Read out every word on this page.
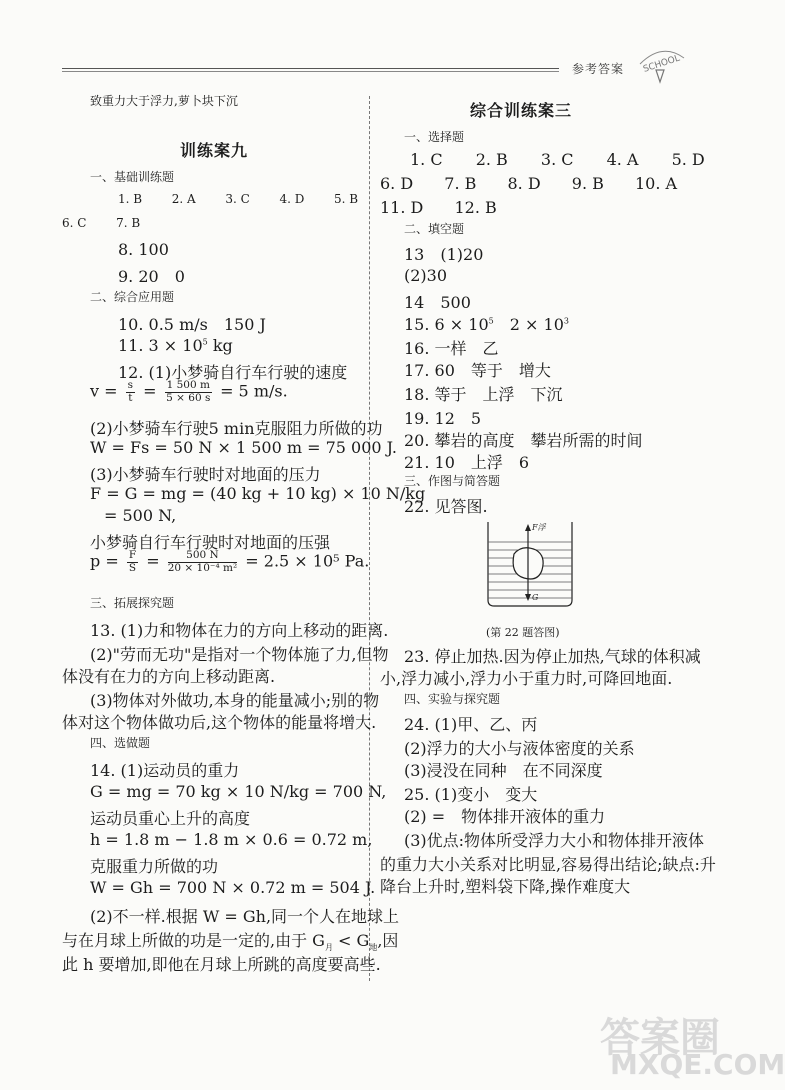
参考答案 SCHOOL
致重力大于浮力,萝卜块下沉
训练案九
一、基础训练题
1. B 2. A 3. C 4. D 5. B
6. C 7. B
8. 100
9. 20　0
二、综合应用题
10. 0.5 m/s　150 J
11. $3 \times 10^5$ kg
12. (1)小梦骑自行车行驶的速度
$v = \frac{s}{t} = \frac{1 500 m}{5 \times 60 s} = 5$ m/s.
(2)小梦骑车行驶5 min克服阻力所做的功
W = Fs = 50 N × 1 500 m = 75 000 J.
(3)小梦骑车行驶时对地面的压力
F = G = mg = (40 kg + 10 kg) × 10 N/kg
= 500 N,
小梦骑自行车行驶时对地面的压强
$p = \frac{F}{S} = \frac{500 N}{\text{20 × 10⁻⁴ m²}} = 2.5 \times 10^5$ Pa.
三、拓展探究题
13. (1)力和物体在力的方向上移动的距离.
(2)"劳而无功"是指对一个物体施了力,但物
体没有在力的方向上移动距离.
(3)物体对外做功,本身的能量减小;别的物
体对这个物体做功后,这个物体的能量将增大.
四、选做题
14. (1)运动员的重力
G = mg = 70 kg × 10 N/kg = 700 N,
运动员重心上升的高度
h = 1.8 m − 1.8 m × 0.6 = 0.72 m,
克服重力所做的功
W = Gh = 700 N × 0.72 m = 504 J.
(2)不一样.根据 W = Gh,同一个人在地球上
与在月球上所做的功是一定的,由于 $G_月 < G_地$,因
此 h 要增加,即他在月球上所跳的高度要高些.
综合训练案三
一、选择题
1. C 2. B 3. C 4. A 5. D
6. D 7. B 8. D 9. B 10. A
11. D 12. B
二、填空题
13　(1)20
(2)30
14　500
15. $6 \times 10^5$　$2 \times 10^3$
16. 一样　乙
17. 60　等于　增大
18. 等于　上浮　下沉
19. 12　5
20. 攀岩的高度　攀岩所需的时间
21. 10　上浮　6
三、作图与简答题
22. 见答图.
F浮
G
(第 22 题答图)
23. 停止加热.因为停止加热,气球的体积减
小,浮力减小,浮力小于重力时,可降回地面.
四、实验与探究题
24. (1)甲、乙、丙
(2)浮力的大小与液体密度的关系
(3)浸没在同种　在不同深度
25. (1)变小　变大
(2) =　物体排开液体的重力
(3)优点:物体所受浮力大小和物体排开液体
的重力大小关系对比明显,容易得出结论;缺点:升
降台上升时,塑料袋下降,操作难度大
答案圈
MXQE.COM
